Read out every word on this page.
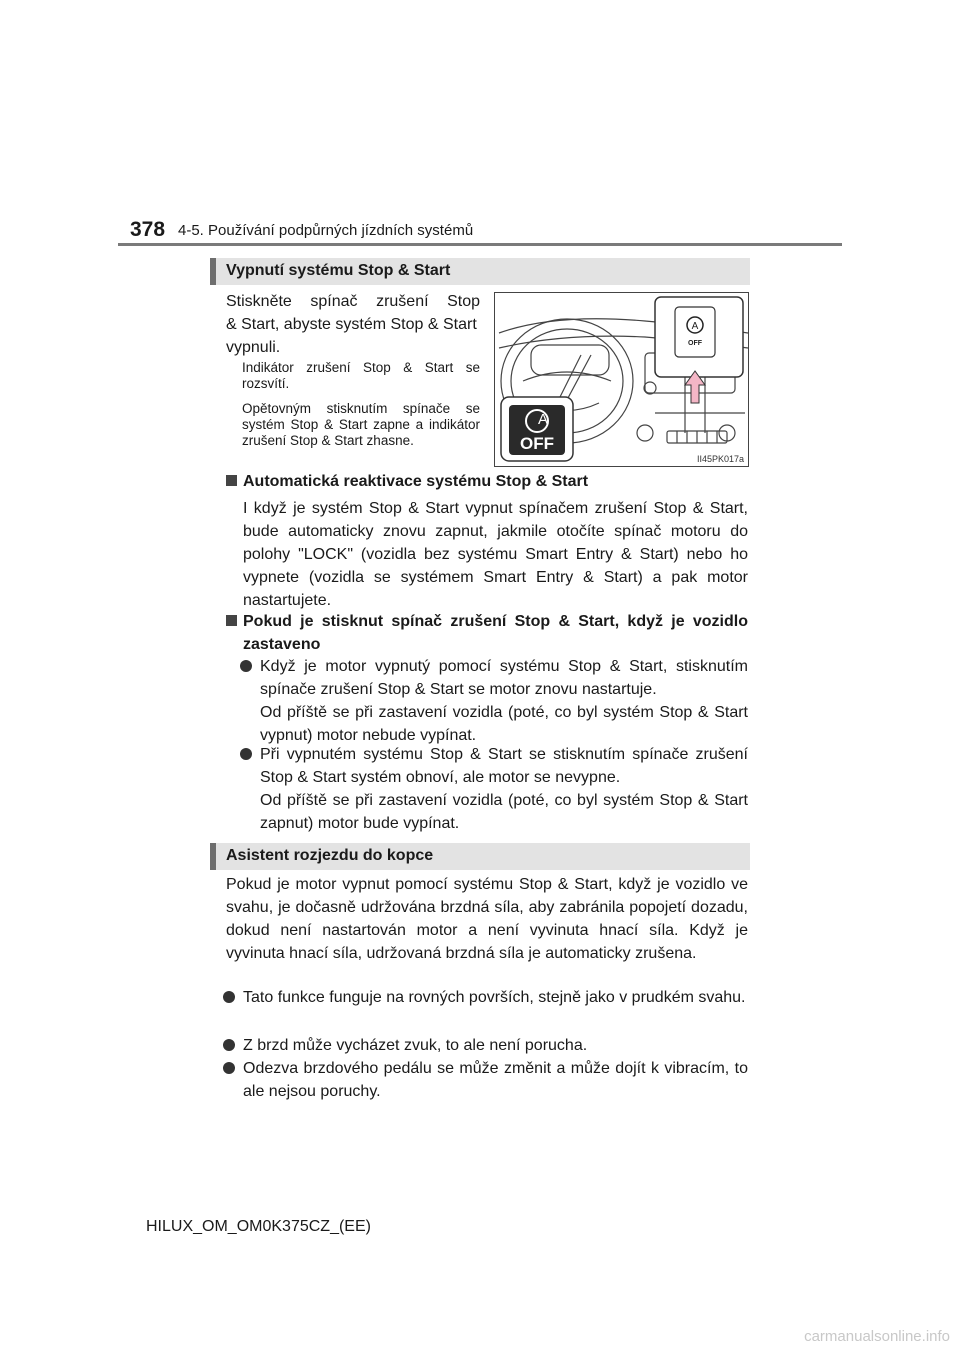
378 4-5. Používání podpůrných jízdních systémů
Vypnutí systému Stop & Start
Stiskněte spínač zrušení Stop
& Start, abyste systém Stop & Start
vypnuli.
Indikátor zrušení Stop & Start se rozsvítí.
Opětovným stisknutím spínače se systém Stop & Start zapne a indikátor zrušení Stop & Start zhasne.
A
OFF
A
OFF
II45PK017a
Automatická reaktivace systému Stop & Start
I když je systém Stop & Start vypnut spínačem zrušení Stop & Start, bude automaticky znovu zapnut, jakmile otočíte spínač motoru do polohy "LOCK" (vozidla bez systému Smart Entry & Start) nebo ho vypnete (vozidla se systémem Smart Entry & Start) a pak motor nastartujete.
Pokud je stisknut spínač zrušení Stop & Start, když je vozidlo zastaveno
Když je motor vypnutý pomocí systému Stop & Start, stisknutím spínače zrušení Stop & Start se motor znovu nastartuje.
Od příště se při zastavení vozidla (poté, co byl systém Stop & Start vypnut) motor nebude vypínat.
Při vypnutém systému Stop & Start se stisknutím spínače zrušení Stop & Start systém obnoví, ale motor se nevypne.
Od příště se při zastavení vozidla (poté, co byl systém Stop & Start zapnut) motor bude vypínat.
Asistent rozjezdu do kopce
Pokud je motor vypnut pomocí systému Stop & Start, když je vozidlo ve svahu, je dočasně udržována brzdná síla, aby zabránila popojetí dozadu, dokud není nastartován motor a není vyvinuta hnací síla. Když je vyvinuta hnací síla, udržovaná brzdná síla je automaticky zrušena.
Tato funkce funguje na rovných površích, stejně jako v prudkém svahu.
Z brzd může vycházet zvuk, to ale není porucha.
Odezva brzdového pedálu se může změnit a může dojít k vibracím, to ale nejsou poruchy.
HILUX_OM_OM0K375CZ_(EE)
carmanualsonline.info
